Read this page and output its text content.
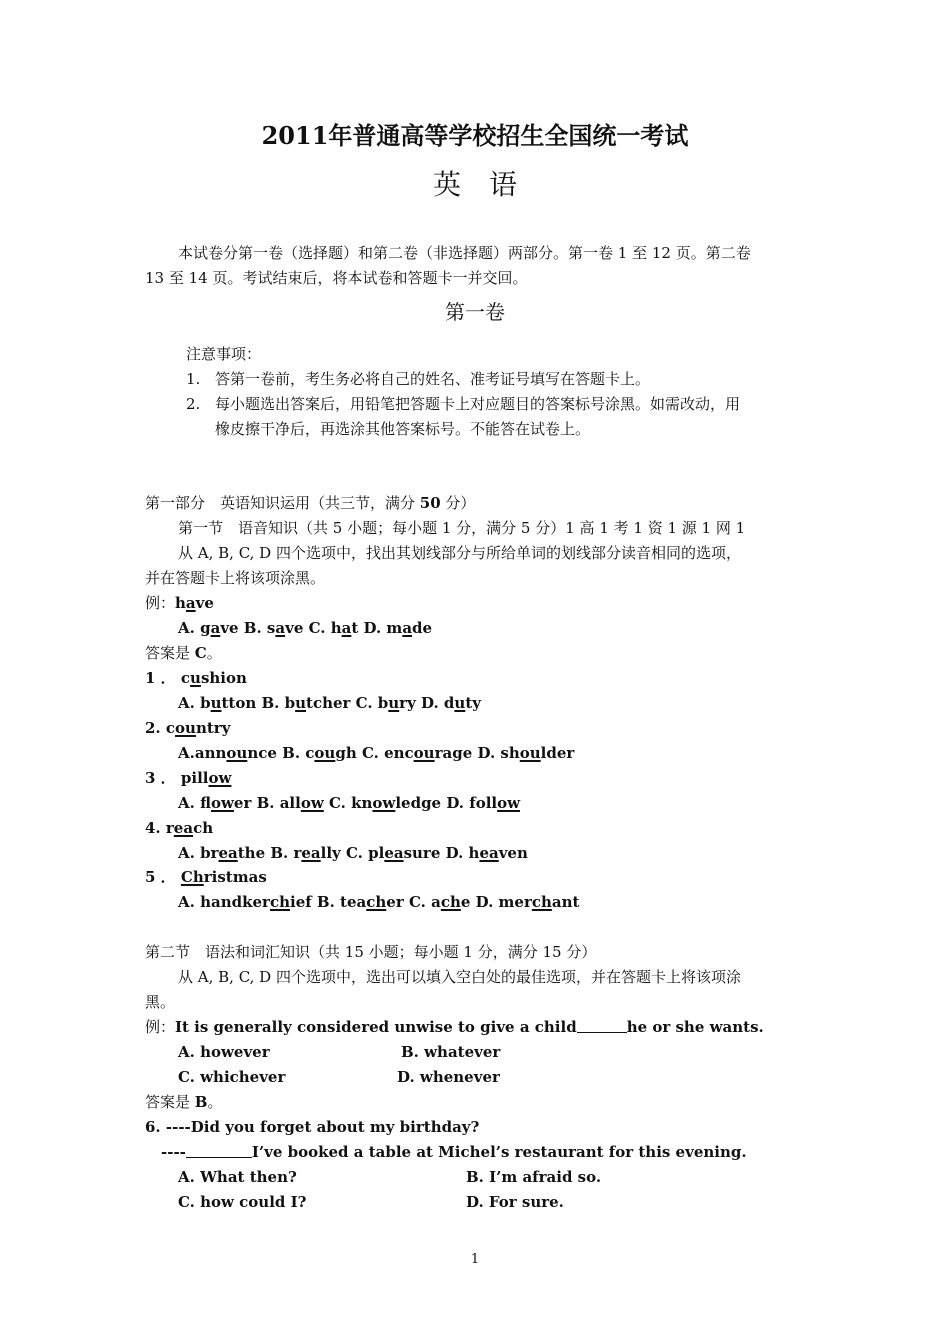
2011年普通高等学校招生全国统一考试
英语
本试卷分第一卷（选择题）和第二卷（非选择题）两部分。第一卷 1 至 12 页。第二卷
13 至 14 页。考试结束后，将本试卷和答题卡一并交回。
第一卷
注意事项：
1. 答第一卷前，考生务必将自己的姓名、准考证号填写在答题卡上。
2. 每小题选出答案后，用铅笔把答题卡上对应题目的答案标号涂黑。如需改动，用
橡皮擦干净后，再选涂其他答案标号。不能答在试卷上。
第一部分　英语知识运用（共三节，满分 50 分）
第一节　语音知识（共 5 小题；每小题 1 分，满分 5 分）1 高 1 考 1 资 1 源 1 网 1
从 A, B, C, D 四个选项中，找出其划线部分与所给单词的划线部分读音相同的选项，
并在答题卡上将该项涂黑。
例：have
A. gave B. save C. hat D. made
答案是 C。
1 ． cushion
A. button B. butcher C. bury D. duty
2. country
A.announce B. cough C. encourage D. shoulder
3 ． pillow
A. flower B. allow C. knowledge D. follow
4. reach
A. breathe B. really C. pleasure D. heaven
5 ． Christmas
A. handkerchief B. teacher C. ache D. merchant
第二节　语法和词汇知识（共 15 小题；每小题 1 分，满分 15 分）
从 A, B, C, D 四个选项中，选出可以填入空白处的最佳选项，并在答题卡上将该项涂
黑。
例：It is generally considered unwise to give a child	he or she wants.
A. however	B. whatever
C. whichever	D. whenever
答案是 B。
6. ----Did you forget about my birthday?
----	I’ve booked a table at Michel’s restaurant for this evening.
A. What then?	B. I’m afraid so.
C. how could I?	D. For sure.
1
